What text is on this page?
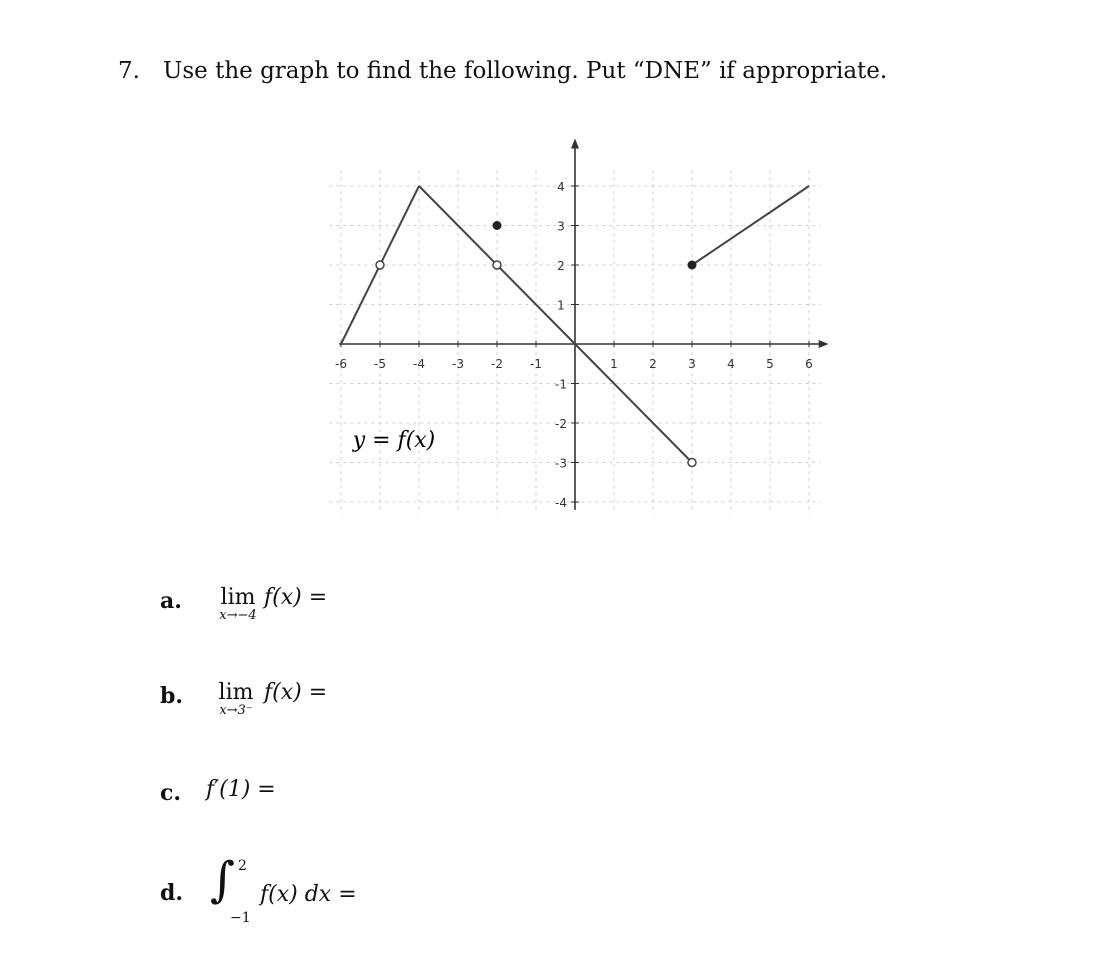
7. Use the graph to find the following. Put “DNE” if appropriate.
-6 -5 -4 -3 -2 -1	1	2	3	4	5	6
4
3
2
1
-1
-2
-3
-4
y = f(x)
a.	lim
x→−4
f(x) =
b.	lim
x→3⁻
f(x) =
c. f′(1) =
d. ∫ 2
−1
f(x) dx =
